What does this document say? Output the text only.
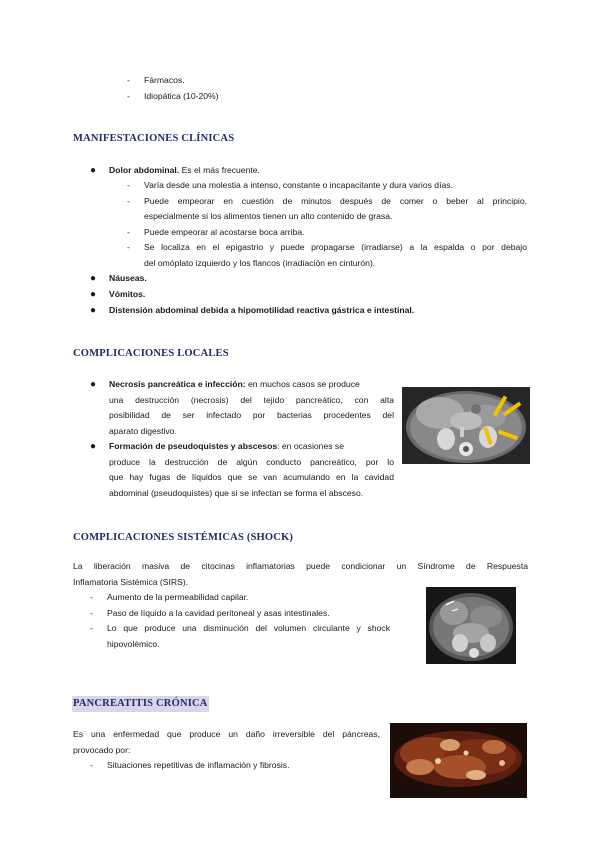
- Fármacos.
- Idiopática (10-20%)
MANIFESTACIONES CLÍNICAS
● Dolor abdominal. Es el más frecuente.
- Varía desde una molestia a intenso, constante o incapacitante y dura varios días.
- Puede empeorar en cuestión de minutos después de comer o beber al principio,
especialmente si los alimentos tienen un alto contenido de grasa.
- Puede empeorar al acostarse boca arriba.
- Se localiza en el epigastrio y puede propagarse (irradiarse) a la espalda o por debajo
del omóplato izquierdo y los flancos (irradiación en cinturón).
● Náuseas.
● Vómitos.
● Distensión abdominal debida a hipomotilidad reactiva gástrica e intestinal.
COMPLICACIONES LOCALES
● Necrosis pancreática e infección: en muchos casos se produce
una destrucción (necrosis) del tejido pancreático, con alta
posibilidad de ser infectado por bacterias procedentes del
aparato digestivo.
● Formación de pseudoquistes y abscesos: en ocasiones se
produce la destrucción de algún conducto pancreático, por lo
que hay fugas de líquidos que se van acumulando en la cavidad
abdominal (pseudoquistes) que si se infectan se forma el absceso.
COMPLICACIONES SISTÉMICAS (SHOCK)
La liberación masiva de citocinas inflamatorias puede condicionar un Síndrome de Respuesta
Inflamatoria Sistémica (SIRS).
- Aumento de la permeabilidad capilar.
- Paso de líquido a la cavidad peritoneal y asas intestinales.
- Lo que produce una disminución del volumen circulante y shock
hipovolémico.
PANCREATITIS CRÓNICA
Es una enfermedad que produce un daño irreversible del páncreas,
provocado por:
- Situaciones repetitivas de inflamación y fibrosis.
